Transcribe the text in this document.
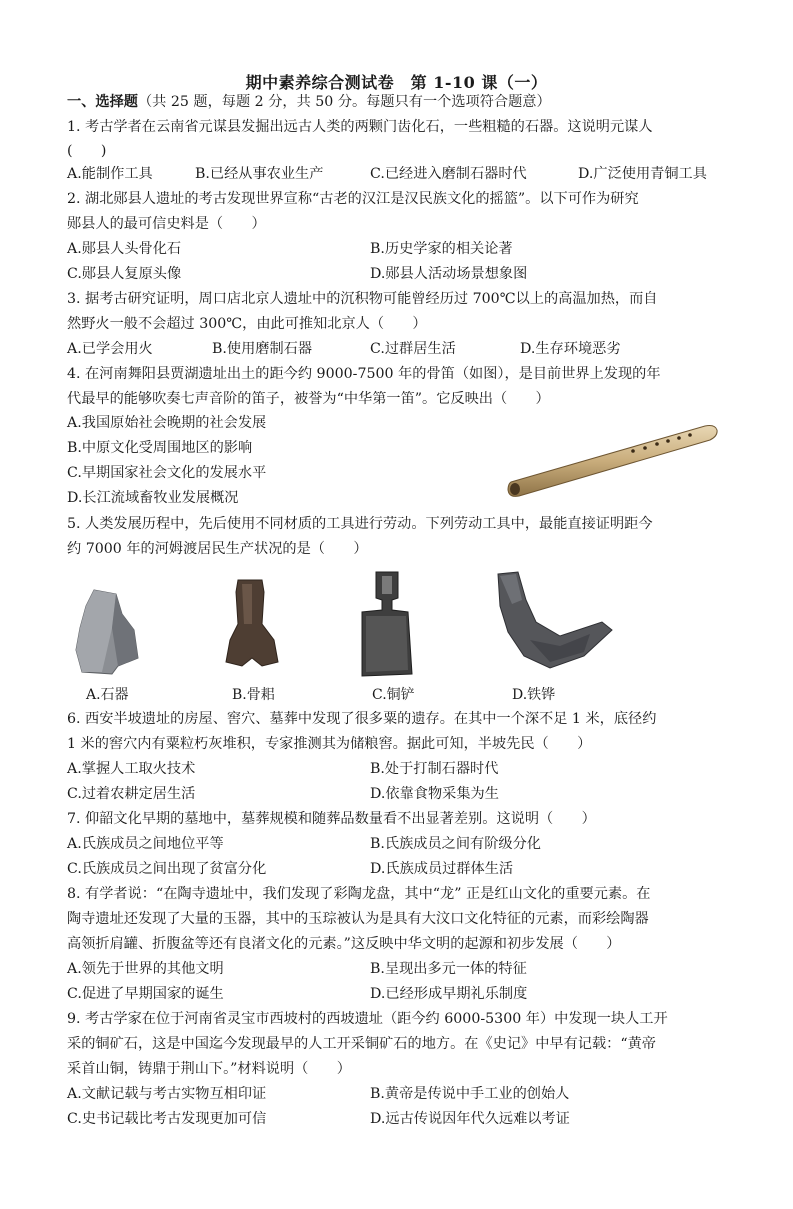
期中素养综合测试卷　第 1-10 课（一）
一、选择题（共 25 题，每题 2 分，共 50 分。每题只有一个选项符合题意）
1. 考古学者在云南省元谋县发掘出远古人类的两颗门齿化石，一些粗糙的石器。这说明元谋人
(　　)
A.能制作工具	B.已经从事农业生产	C.已经进入磨制石器时代	D.广泛使用青铜工具
2. 湖北郧县人遗址的考古发现世界宣称“古老的汉江是汉民族文化的摇篮”。以下可作为研究
郧县人的最可信史料是（　　）
A.郧县人头骨化石	B.历史学家的相关论著
C.郧县人复原头像	D.郧县人活动场景想象图
3. 据考古研究证明，周口店北京人遗址中的沉积物可能曾经历过 700℃以上的高温加热，而自
然野火一般不会超过 300℃，由此可推知北京人（　　）
A.已学会用火	B.使用磨制石器	C.过群居生活	D.生存环境恶劣
4. 在河南舞阳县贾湖遗址出土的距今约 9000-7500 年的骨笛（如图），是目前世界上发现的年
代最早的能够吹奏七声音阶的笛子，被誉为“中华第一笛”。它反映出（　　）
A.我国原始社会晚期的社会发展
B.中原文化受周围地区的影响
C.早期国家社会文化的发展水平
D.长江流域畜牧业发展概况
5. 人类发展历程中，先后使用不同材质的工具进行劳动。下列劳动工具中，最能直接证明距今
约 7000 年的河姆渡居民生产状况的是（　　）
A.石器	B.骨耜	C.铜铲	D.铁铧
6. 西安半坡遗址的房屋、窖穴、墓葬中发现了很多粟的遗存。在其中一个深不足 1 米，底径约
1 米的窖穴内有粟粒朽灰堆积，专家推测其为储粮窖。据此可知，半坡先民（　　）
A.掌握人工取火技术	B.处于打制石器时代
C.过着农耕定居生活	D.依靠食物采集为生
7. 仰韶文化早期的墓地中，墓葬规模和随葬品数量看不出显著差别。这说明（　　）
A.氏族成员之间地位平等	B.氏族成员之间有阶级分化
C.氏族成员之间出现了贫富分化	D.氏族成员过群体生活
8. 有学者说：“在陶寺遗址中，我们发现了彩陶龙盘，其中“龙” 正是红山文化的重要元素。在
陶寺遗址还发现了大量的玉器，其中的玉琮被认为是具有大汶口文化特征的元素，而彩绘陶器
高领折肩罐、折腹盆等还有良渚文化的元素。”这反映中华文明的起源和初步发展（　　）
A.领先于世界的其他文明	B.呈现出多元一体的特征
C.促进了早期国家的诞生	D.已经形成早期礼乐制度
9. 考古学家在位于河南省灵宝市西坡村的西坡遗址（距今约 6000-5300 年）中发现一块人工开
采的铜矿石，这是中国迄今发现最早的人工开采铜矿石的地方。在《史记》中早有记载：“黄帝
采首山铜，铸鼎于荆山下。”材料说明（　　）
A.文献记载与考古实物互相印证	B.黄帝是传说中手工业的创始人
C.史书记载比考古发现更加可信	D.远古传说因年代久远难以考证
